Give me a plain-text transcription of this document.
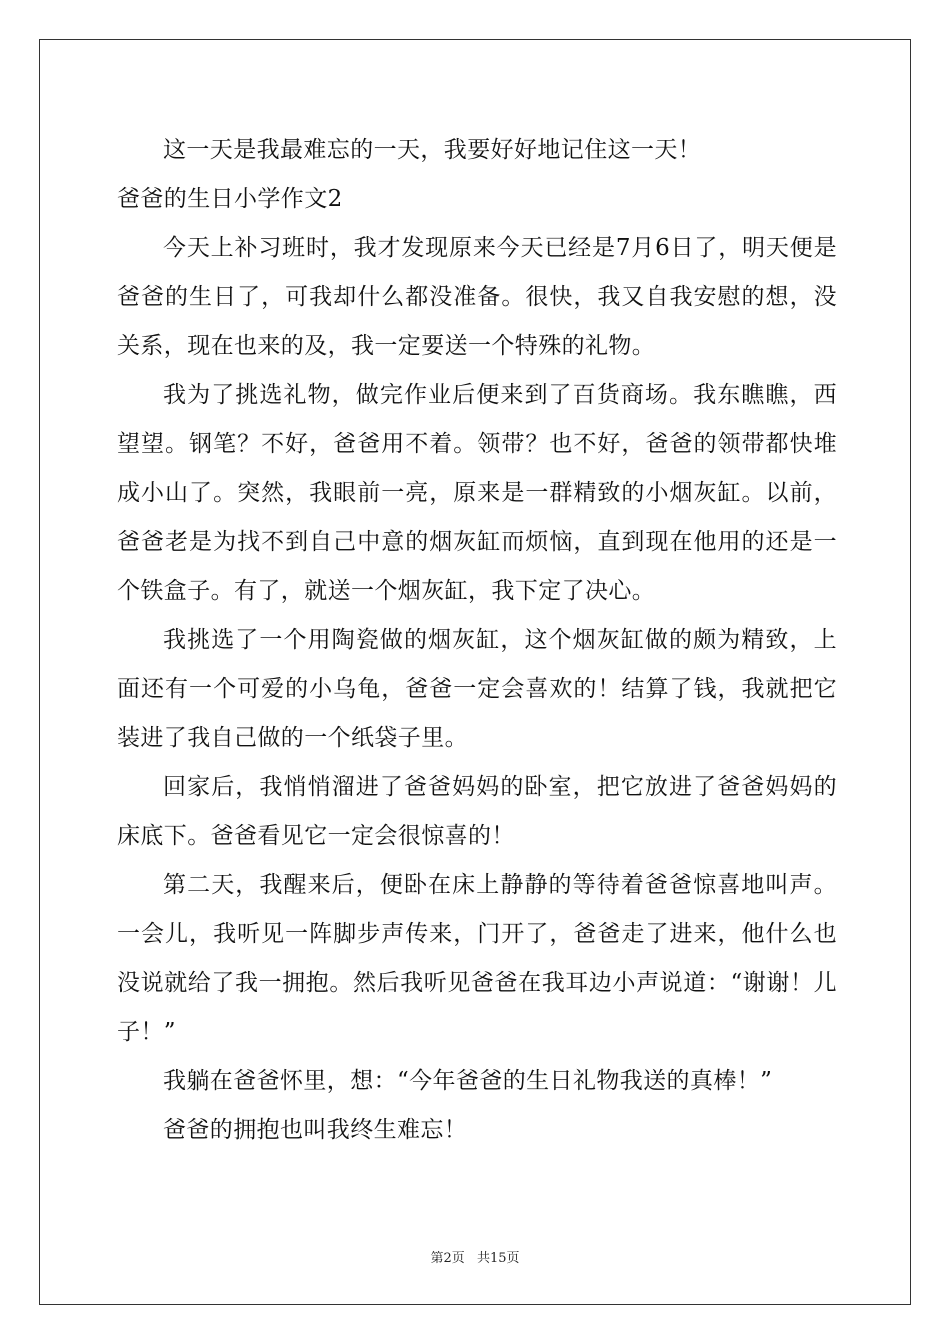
这一天是我最难忘的一天，我要好好地记住这一天！

爸爸的生日小学作文2

今天上补习班时，我才发现原来今天已经是7月6日了，明天便是爸爸的生日了，可我却什么都没准备。很快，我又自我安慰的想，没关系，现在也来的及，我一定要送一个特殊的礼物。

我为了挑选礼物，做完作业后便来到了百货商场。我东瞧瞧，西望望。钢笔？不好，爸爸用不着。领带？也不好，爸爸的领带都快堆成小山了。突然，我眼前一亮，原来是一群精致的小烟灰缸。以前，爸爸老是为找不到自己中意的烟灰缸而烦恼，直到现在他用的还是一个铁盒子。有了，就送一个烟灰缸，我下定了决心。

我挑选了一个用陶瓷做的烟灰缸，这个烟灰缸做的颇为精致，上面还有一个可爱的小乌龟，爸爸一定会喜欢的！结算了钱，我就把它装进了我自己做的一个纸袋子里。

回家后，我悄悄溜进了爸爸妈妈的卧室，把它放进了爸爸妈妈的床底下。爸爸看见它一定会很惊喜的！

第二天，我醒来后，便卧在床上静静的等待着爸爸惊喜地叫声。一会儿，我听见一阵脚步声传来，门开了，爸爸走了进来，他什么也没说就给了我一拥抱。然后我听见爸爸在我耳边小声说道：“谢谢！儿子！”

我躺在爸爸怀里，想：“今年爸爸的生日礼物我送的真棒！”

爸爸的拥抱也叫我终生难忘！

第2页 共15页
